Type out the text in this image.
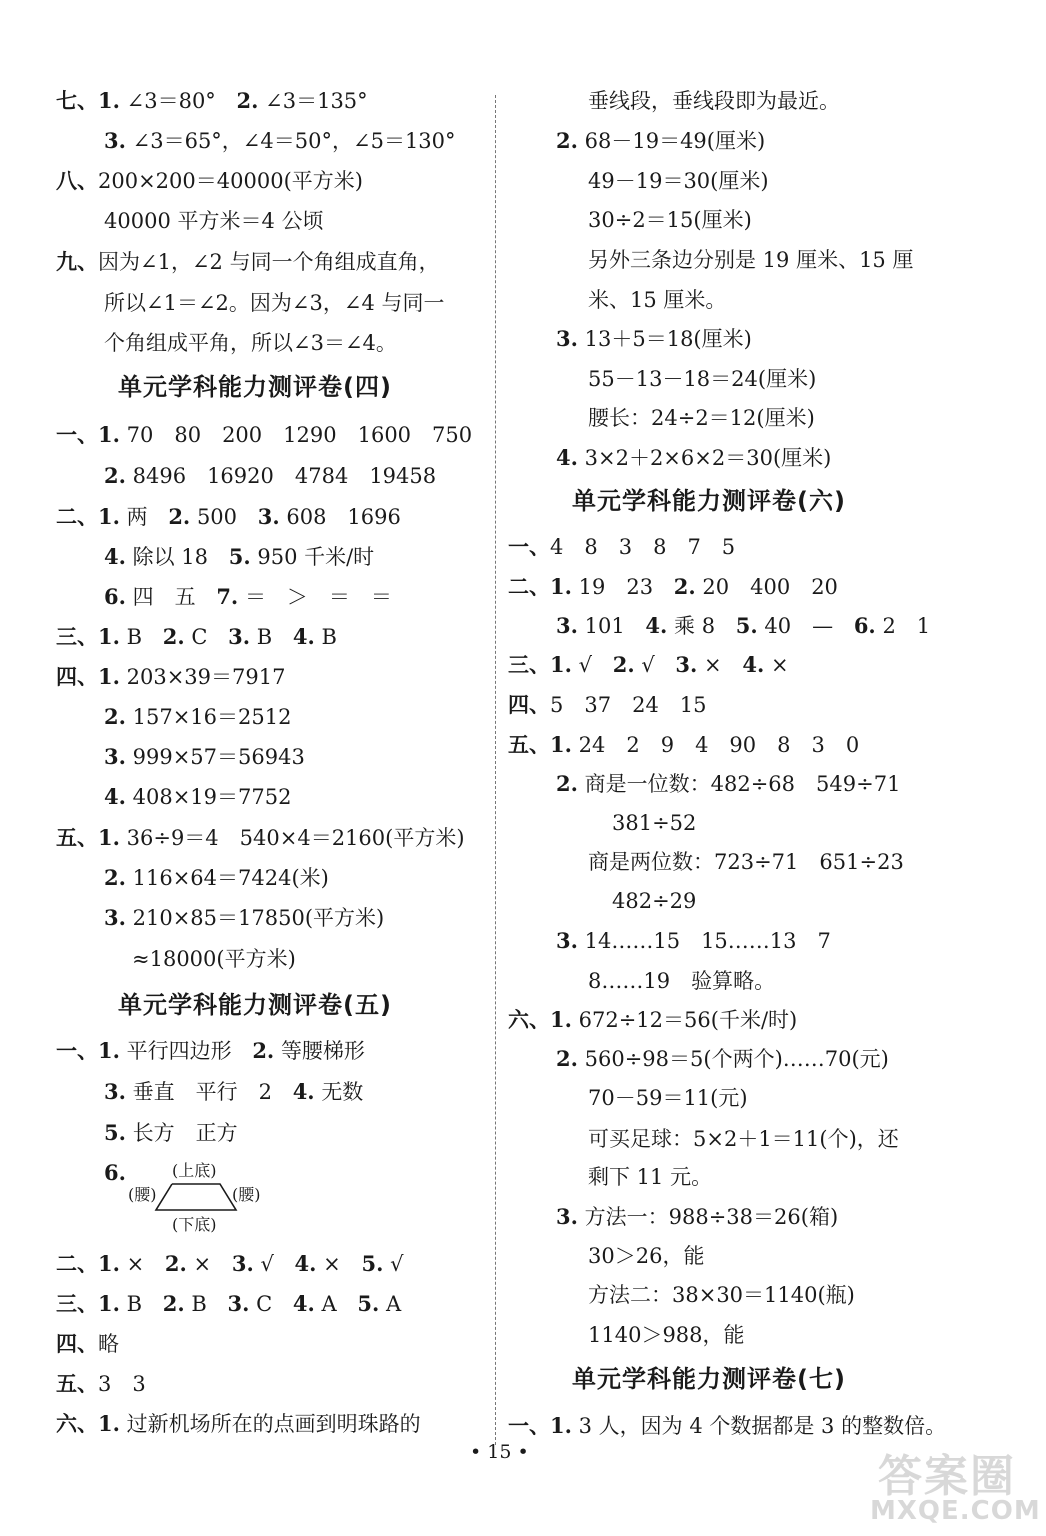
七、1. ∠3＝80° 2. ∠3＝135°
3. ∠3＝65°，∠4＝50°，∠5＝130°
八、200×200＝40000(平方米)
40000 平方米＝4 公顷
九、因为∠1，∠2 与同一个角组成直角，
所以∠1＝∠2。因为∠3，∠4 与同一
个角组成平角，所以∠3＝∠4。
单元学科能力测评卷(四)
一、1. 70　80　200　1290　1600　750
2. 8496　16920　4784　19458
二、1. 两 2. 500 3. 608　1696
4. 除以 18 5. 950 千米/时
6. 四　五 7. ＝　＞　＝　＝
三、1. B 2. C 3. B 4. B
四、1. 203×39＝7917
2. 157×16＝2512
3. 999×57＝56943
4. 408×19＝7752
五、1. 36÷9＝4　540×4＝2160(平方米)
2. 116×64＝7424(米)
3. 210×85＝17850(平方米)
≈18000(平方米)
单元学科能力测评卷(五)
一、1. 平行四边形 2. 等腰梯形
3. 垂直　平行　2 4. 无数
5. 长方　正方
6.	(上底)
(腰)	(腰)
(下底)
二、1. × 2. × 3. √ 4. × 5. √
三、1. B 2. B 3. C 4. A 5. A
四、略
五、3　3
六、1. 过新机场所在的点画到明珠路的
垂线段，垂线段即为最近。
2. 68－19＝49(厘米)
49－19＝30(厘米)
30÷2＝15(厘米)
另外三条边分别是 19 厘米、15 厘
米、15 厘米。
3. 13＋5＝18(厘米)
55－13－18＝24(厘米)
腰长：24÷2＝12(厘米)
4. 3×2＋2×6×2＝30(厘米)
单元学科能力测评卷(六)
一、4　8　3　8　7　5
二、1. 19　23 2. 20　400　20
3. 101 4. 乘 8 5. 40　— 6. 2　1
三、1. √ 2. √ 3. × 4. ×
四、5　37　24　15
五、1. 24　2　9　4　90　8　3　0
2. 商是一位数：482÷68　549÷71
381÷52
商是两位数：723÷71　651÷23
482÷29
3. 14……15　15……13　7
8……19　验算略。
六、1. 672÷12＝56(千米/时)
2. 560÷98＝5(个两个)……70(元)
70－59＝11(元)
可买足球：5×2＋1＝11(个)，还
剩下 11 元。
3. 方法一：988÷38＝26(箱)
30＞26，能
方法二：38×30＝1140(瓶)
1140＞988，能
单元学科能力测评卷(七)
一、1. 3 人，因为 4 个数据都是 3 的整数倍。
• 15 •	答案圈
MXQE.COM
